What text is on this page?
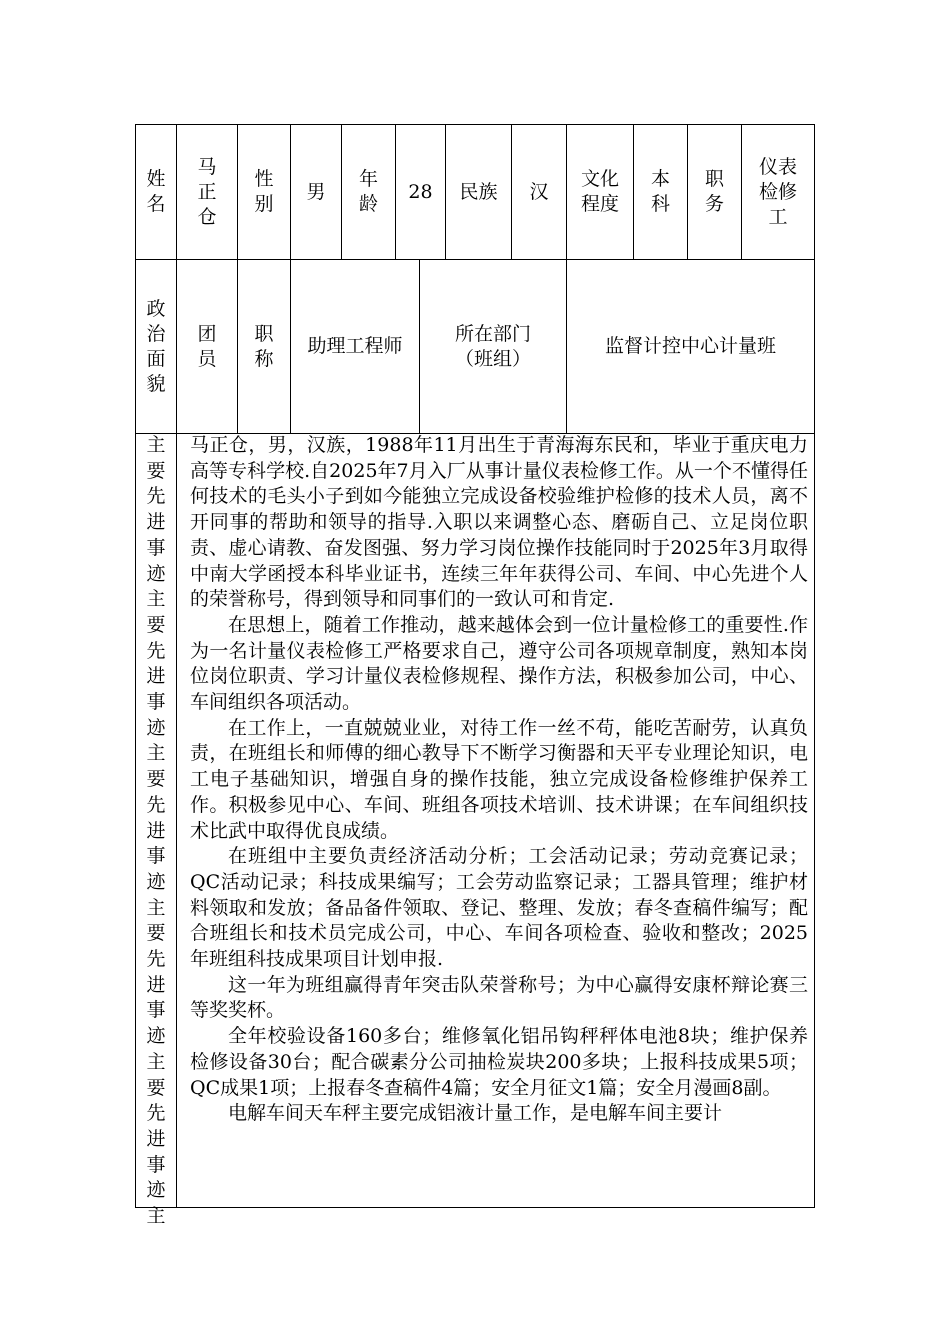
姓名
马正仓
性别
男
年龄
28 民族 汉
文化程度
本科
职务
仪表检修工
政治面貌
团员
职称
助理工程师
所在部门（班组）
监督计控中心计量班
主要先进事迹主要先进事迹主要先进事迹主要先进事迹主要先进事迹主

马正仓，男，汉族，1988年11月出生于青海海东民和，毕业于重庆电力高等专科学校.自2025年7月入厂从事计量仪表检修工作。从一个不懂得任何技术的毛头小子到如今能独立完成设备校验维护检修的技术人员，离不开同事的帮助和领导的指导.入职以来调整心态、磨砺自己、立足岗位职责、虚心请教、奋发图强、努力学习岗位操作技能同时于2025年3月取得中南大学函授本科毕业证书，连续三年年获得公司、车间、中心先进个人的荣誉称号，得到领导和同事们的一致认可和肯定.

在思想上，随着工作推动，越来越体会到一位计量检修工的重要性.作为一名计量仪表检修工严格要求自己，遵守公司各项规章制度，熟知本岗位岗位职责、学习计量仪表检修规程、操作方法，积极参加公司，中心、车间组织各项活动。

在工作上，一直兢兢业业，对待工作一丝不苟，能吃苦耐劳，认真负责，在班组长和师傅的细心教导下不断学习衡器和天平专业理论知识，电工电子基础知识，增强自身的操作技能，独立完成设备检修维护保养工作。积极参见中心、车间、班组各项技术培训、技术讲课；在车间组织技术比武中取得优良成绩。

在班组中主要负责经济活动分析；工会活动记录；劳动竞赛记录；QC活动记录；科技成果编写；工会劳动监察记录；工器具管理；维护材料领取和发放；备品备件领取、登记、整理、发放；春冬查稿件编写；配合班组长和技术员完成公司，中心、车间各项检查、验收和整改；2025年班组科技成果项目计划申报.

这一年为班组赢得青年突击队荣誉称号；为中心赢得安康杯辩论赛三等奖奖杯。

全年校验设备160多台；维修氧化铝吊钩秤秤体电池8块；维护保养检修设备30台；配合碳素分公司抽检炭块200多块；上报科技成果5项；QC成果1项；上报春冬查稿件4篇；安全月征文1篇；安全月漫画8副。

电解车间天车秤主要完成铝液计量工作，是电解车间主要计
